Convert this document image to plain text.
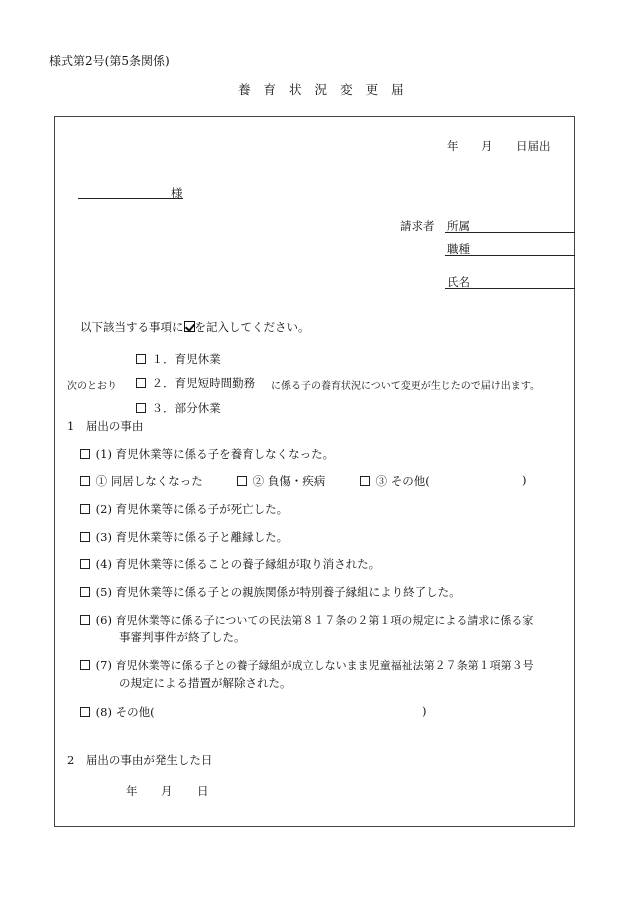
様式第2号(第5条関係)
養 育 状 況 変 更 届
年 月 日届出
様
請求者 所属
職種
氏名
以下該当する事項に を記入してください。
１．育児休業
次のとおり	２．育児短時間勤務 に係る子の養育状況について変更が生じたので届け出ます。
３．部分休業
1　届出の事由
(1) 育児休業等に係る子を養育しなくなった。
① 同居しなくなった	② 負傷・疾病	③ その他(	)
(2) 育児休業等に係る子が死亡した。
(3) 育児休業等に係る子と離縁した。
(4) 育児休業等に係ることの養子縁組が取り消された。
(5) 育児休業等に係る子との親族関係が特別養子縁組により終了した。
(6) 育児休業等に係る子についての民法第８１７条の２第１項の規定による請求に係る家
事審判事件が終了した。
(7) 育児休業等に係る子との養子縁組が成立しないまま児童福祉法第２７条第１項第３号
の規定による措置が解除された。
(8) その他(	)
2　届出の事由が発生した日
年 月 日
